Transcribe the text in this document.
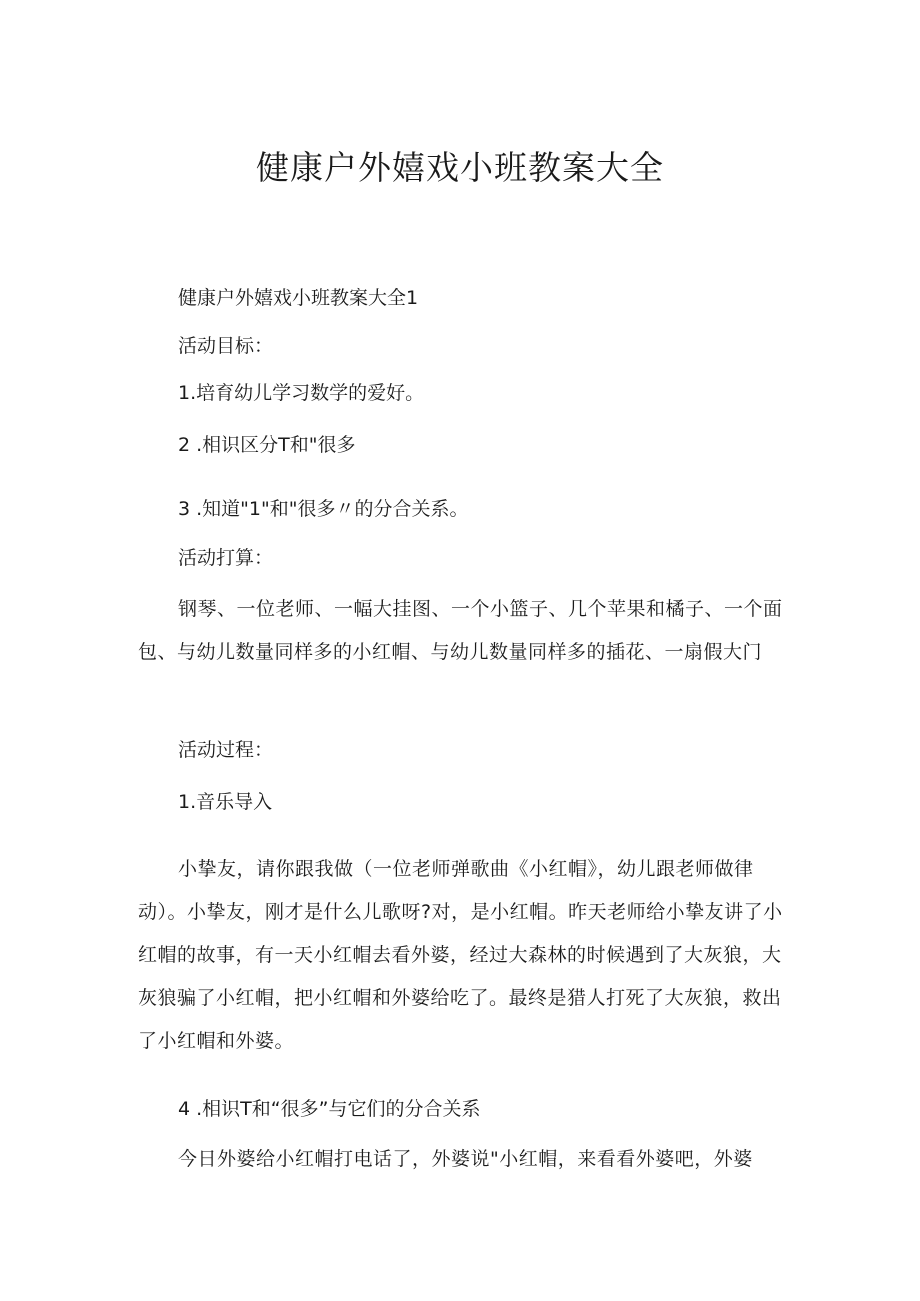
健康户外嬉戏小班教案大全

健康户外嬉戏小班教案大全1

活动目标：

1.培育幼儿学习数学的爱好。

2 .相识区分T和"很多

3 .知道"1"和"很多〃的分合关系。

活动打算：

钢琴、一位老师、一幅大挂图、一个小篮子、几个苹果和橘子、一个面包、与幼儿数量同样多的小红帽、与幼儿数量同样多的插花、一扇假大门

活动过程：

1.音乐导入

小挚友，请你跟我做（一位老师弹歌曲《小红帽》，幼儿跟老师做律动）。小挚友，刚才是什么儿歌呀?对，是小红帽。昨天老师给小挚友讲了小红帽的故事，有一天小红帽去看外婆，经过大森林的时候遇到了大灰狼，大灰狼骗了小红帽，把小红帽和外婆给吃了。最终是猎人打死了大灰狼，救出了小红帽和外婆。

4 .相识T和“很多”与它们的分合关系

今日外婆给小红帽打电话了，外婆说"小红帽，来看看外婆吧，外婆
